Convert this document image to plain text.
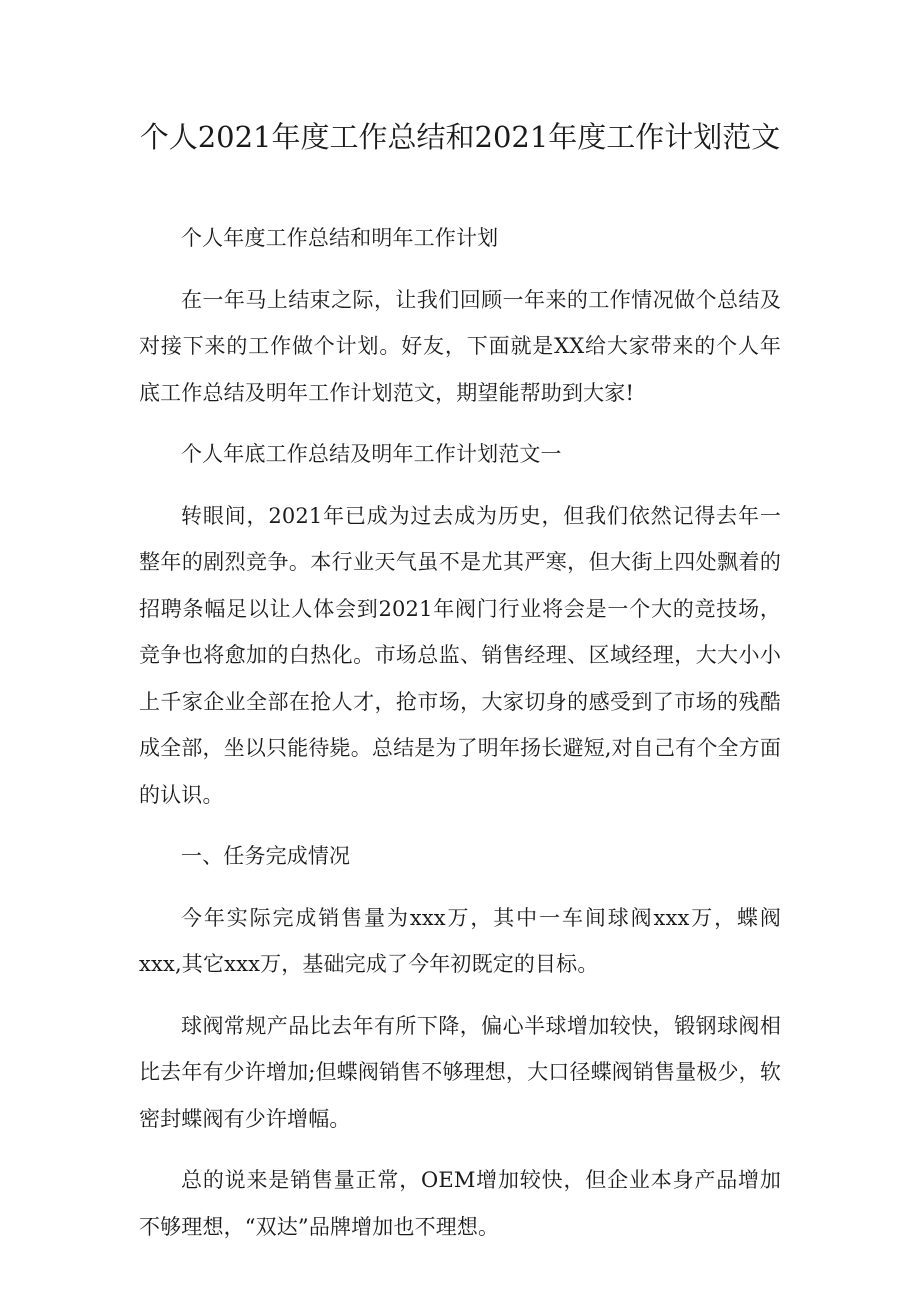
个人2021年度工作总结和2021年度工作计划范文

个人年度工作总结和明年工作计划

在一年马上结束之际，让我们回顾一年来的工作情况做个总结及对接下来的工作做个计划。好友，下面就是XX给大家带来的个人年底工作总结及明年工作计划范文，期望能帮助到大家!

个人年底工作总结及明年工作计划范文一

转眼间，2021年已成为过去成为历史，但我们依然记得去年一整年的剧烈竞争。本行业天气虽不是尤其严寒，但大街上四处飘着的招聘条幅足以让人体会到2021年阀门行业将会是一个大的竞技场，竞争也将愈加的白热化。市场总监、销售经理、区域经理，大大小小上千家企业全部在抢人才，抢市场，大家切身的感受到了市场的残酷成全部，坐以只能待毙。总结是为了明年扬长避短,对自己有个全方面的认识。

一、任务完成情况

今年实际完成销售量为xxx万，其中一车间球阀xxx万，蝶阀xxx,其它xxx万，基础完成了今年初既定的目标。

球阀常规产品比去年有所下降，偏心半球增加较快，锻钢球阀相比去年有少许增加;但蝶阀销售不够理想，大口径蝶阀销售量极少，软密封蝶阀有少许增幅。

总的说来是销售量正常，OEM增加较快，但企业本身产品增加不够理想，“双达”品牌增加也不理想。
